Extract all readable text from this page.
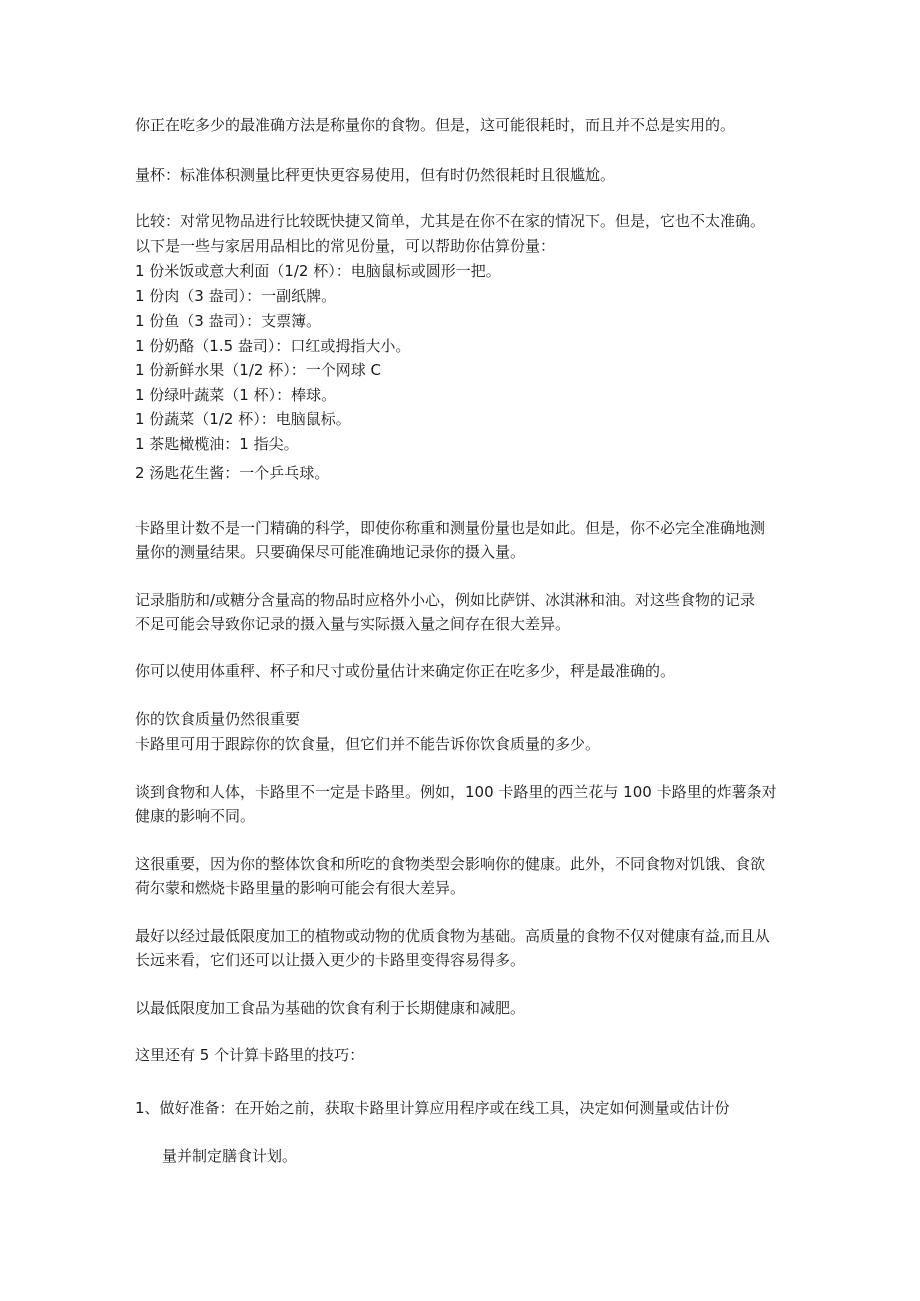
你正在吃多少的最准确方法是称量你的食物。但是，这可能很耗时，而且并不总是实用的。
量杯：标准体积测量比秤更快更容易使用，但有时仍然很耗时且很尴尬。
比较：对常见物品进行比较既快捷又简单，尤其是在你不在家的情况下。但是，它也不太准确。
以下是一些与家居用品相比的常见份量，可以帮助你估算份量：
1 份米饭或意大利面（1/2 杯）：电脑鼠标或圆形一把。
1 份肉（3 盎司）：一副纸牌。
1 份鱼（3 盎司）：支票簿。
1 份奶酪（1.5 盎司）：口红或拇指大小。
1 份新鲜水果（1/2 杯）：一个网球 C
1 份绿叶蔬菜（1 杯）：棒球。
1 份蔬菜（1/2 杯）：电脑鼠标。
1 茶匙橄榄油：1 指尖。
2 汤匙花生酱：一个乒乓球。
卡路里计数不是一门精确的科学，即使你称重和测量份量也是如此。但是，你不必完全准确地测
量你的测量结果。只要确保尽可能准确地记录你的摄入量。
记录脂肪和/或糖分含量高的物品时应格外小心，例如比萨饼、冰淇淋和油。对这些食物的记录
不足可能会导致你记录的摄入量与实际摄入量之间存在很大差异。
你可以使用体重秤、杯子和尺寸或份量估计来确定你正在吃多少，秤是最准确的。
你的饮食质量仍然很重要
卡路里可用于跟踪你的饮食量，但它们并不能告诉你饮食质量的多少。
谈到食物和人体，卡路里不一定是卡路里。例如，100 卡路里的西兰花与 100 卡路里的炸薯条对
健康的影响不同。
这很重要，因为你的整体饮食和所吃的食物类型会影响你的健康。此外，不同食物对饥饿、食欲
荷尔蒙和燃烧卡路里量的影响可能会有很大差异。
最好以经过最低限度加工的植物或动物的优质食物为基础。高质量的食物不仅对健康有益,而且从
长远来看，它们还可以让摄入更少的卡路里变得容易得多。
以最低限度加工食品为基础的饮食有利于长期健康和减肥。
这里还有 5 个计算卡路里的技巧：
1、做好准备：在开始之前，获取卡路里计算应用程序或在线工具，决定如何测量或估计份
量并制定膳食计划。
